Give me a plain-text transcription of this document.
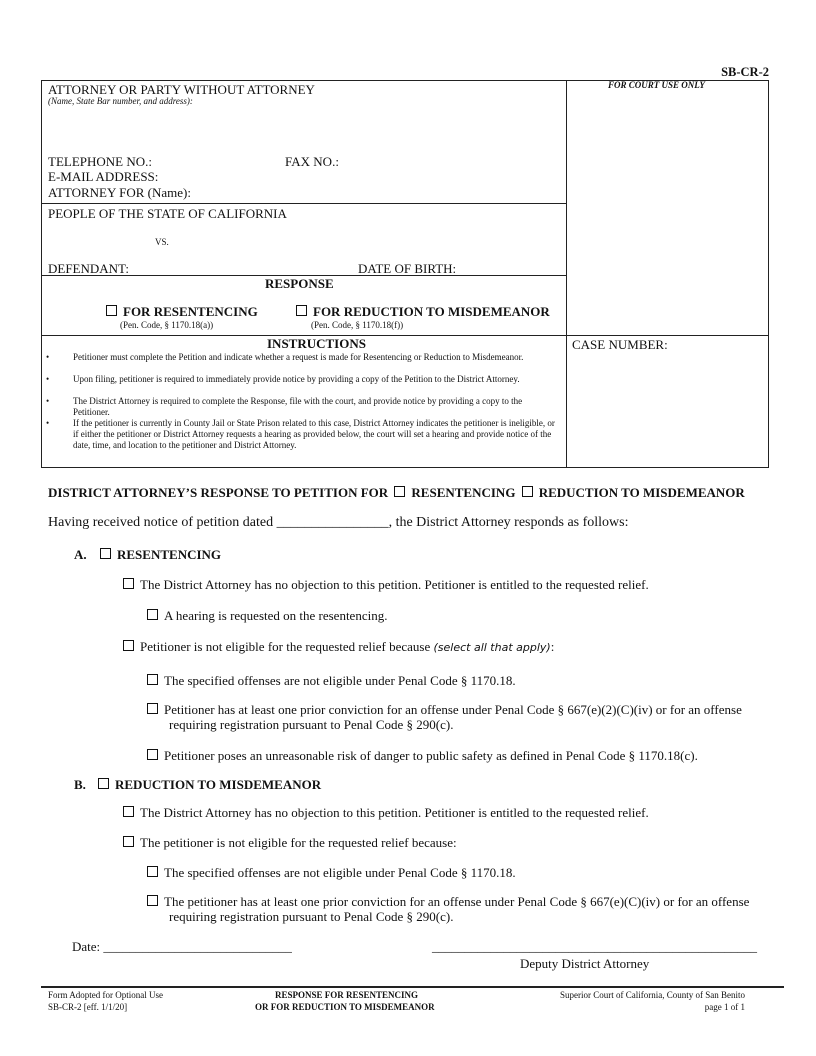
SB-CR-2
ATTORNEY OR PARTY WITHOUT ATTORNEY
(Name, State Bar number, and address):
FOR COURT USE ONLY
TELEPHONE NO.:	FAX NO.:
E-MAIL ADDRESS:
ATTORNEY FOR (Name):
PEOPLE OF THE STATE OF CALIFORNIA
VS.
DEFENDANT:	DATE OF BIRTH:
RESPONSE
FOR RESENTENCING
(Pen. Code, § 1170.18(a))
FOR REDUCTION TO MISDEMEANOR
(Pen. Code, § 1170.18(f))
CASE NUMBER:
INSTRUCTIONS
•	Petitioner must complete the Petition and indicate whether a request is made for Resentencing or Reduction to Misdemeanor.
•	Upon filing, petitioner is required to immediately provide notice by providing a copy of the Petition to the District Attorney.
•	The District Attorney is required to complete the Response, file with the court, and provide notice by providing a copy to the Petitioner.
•	If the petitioner is currently in County Jail or State Prison related to this case, District Attorney indicates the petitioner is ineligible, or if either the petitioner or District Attorney requests a hearing as provided below, the court will set a hearing and provide notice of the date, time, and location to the petitioner and District Attorney.
DISTRICT ATTORNEY’S RESPONSE TO PETITION FOR RESENTENCING REDUCTION TO MISDEMEANOR
Having received notice of petition dated ________________, the District Attorney responds as follows:
A.	RESENTENCING
The District Attorney has no objection to this petition. Petitioner is entitled to the requested relief.
A hearing is requested on the resentencing.
Petitioner is not eligible for the requested relief because (select all that apply):
The specified offenses are not eligible under Penal Code § 1170.18.
Petitioner has at least one prior conviction for an offense under Penal Code § 667(e)(2)(C)(iv) or for an offense
requiring registration pursuant to Penal Code § 290(c).
Petitioner poses an unreasonable risk of danger to public safety as defined in Penal Code § 1170.18(c).
B.	REDUCTION TO MISDEMEANOR
The District Attorney has no objection to this petition. Petitioner is entitled to the requested relief.
The petitioner is not eligible for the requested relief because:
The specified offenses are not eligible under Penal Code § 1170.18.
The petitioner has at least one prior conviction for an offense under Penal Code § 667(e)(C)(iv) or for an offense
requiring registration pursuant to Penal Code § 290(c).
Date: _____________________________	__________________________________________________
Deputy District Attorney
Form Adopted for Optional Use
SB-CR-2 [eff. 1/1/20]
RESPONSE FOR RESENTENCING
OR FOR REDUCTION TO MISDEMEANOR
Superior Court of California, County of San Benito
page 1 of 1
